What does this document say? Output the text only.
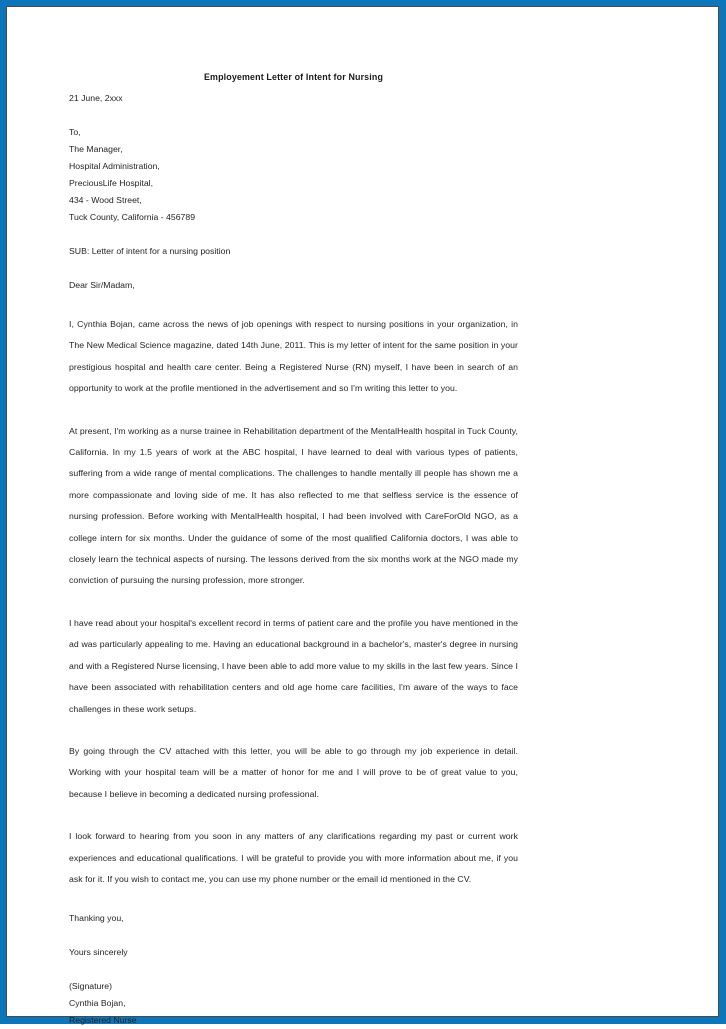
Employement Letter of Intent for Nursing
21 June, 2xxx
To,
The Manager,
Hospital Administration,
PreciousLife Hospital,
434 - Wood Street,
Tuck County, California - 456789
SUB: Letter of intent for a nursing position
Dear Sir/Madam,

I, Cynthia Bojan, came across the news of job openings with respect to nursing positions in your organization, in The New Medical Science magazine, dated 14th June, 2011. This is my letter of intent for the same position in your prestigious hospital and health care center. Being a Registered Nurse (RN) myself, I have been in search of an opportunity to work at the profile mentioned in the advertisement and so I'm writing this letter to you.

At present, I'm working as a nurse trainee in Rehabilitation department of the MentalHealth hospital in Tuck County, California. In my 1.5 years of work at the ABC hospital, I have learned to deal with various types of patients, suffering from a wide range of mental complications. The challenges to handle mentally ill people has shown me a more compassionate and loving side of me. It has also reflected to me that selfless service is the essence of nursing profession. Before working with MentalHealth hospital, I had been involved with CareForOld NGO, as a college intern for six months. Under the guidance of some of the most qualified California doctors, I was able to closely learn the technical aspects of nursing. The lessons derived from the six months work at the NGO made my conviction of pursuing the nursing profession, more stronger.

I have read about your hospital's excellent record in terms of patient care and the profile you have mentioned in the ad was particularly appealing to me. Having an educational background in a bachelor's, master's degree in nursing and with a Registered Nurse licensing, I have been able to add more value to my skills in the last few years. Since I have been associated with rehabilitation centers and old age home care facilities, I'm aware of the ways to face challenges in these work setups.

By going through the CV attached with this letter, you will be able to go through my job experience in detail. Working with your hospital team will be a matter of honor for me and I will prove to be of great value to you, because I believe in becoming a dedicated nursing professional.

I look forward to hearing from you soon in any matters of any clarifications regarding my past or current work experiences and educational qualifications. I will be grateful to provide you with more information about me, if you ask for it. If you wish to contact me, you can use my phone number or the email id mentioned in the CV.

Thanking you,
Yours sincerely
(Signature)
Cynthia Bojan,
Registered Nurse
